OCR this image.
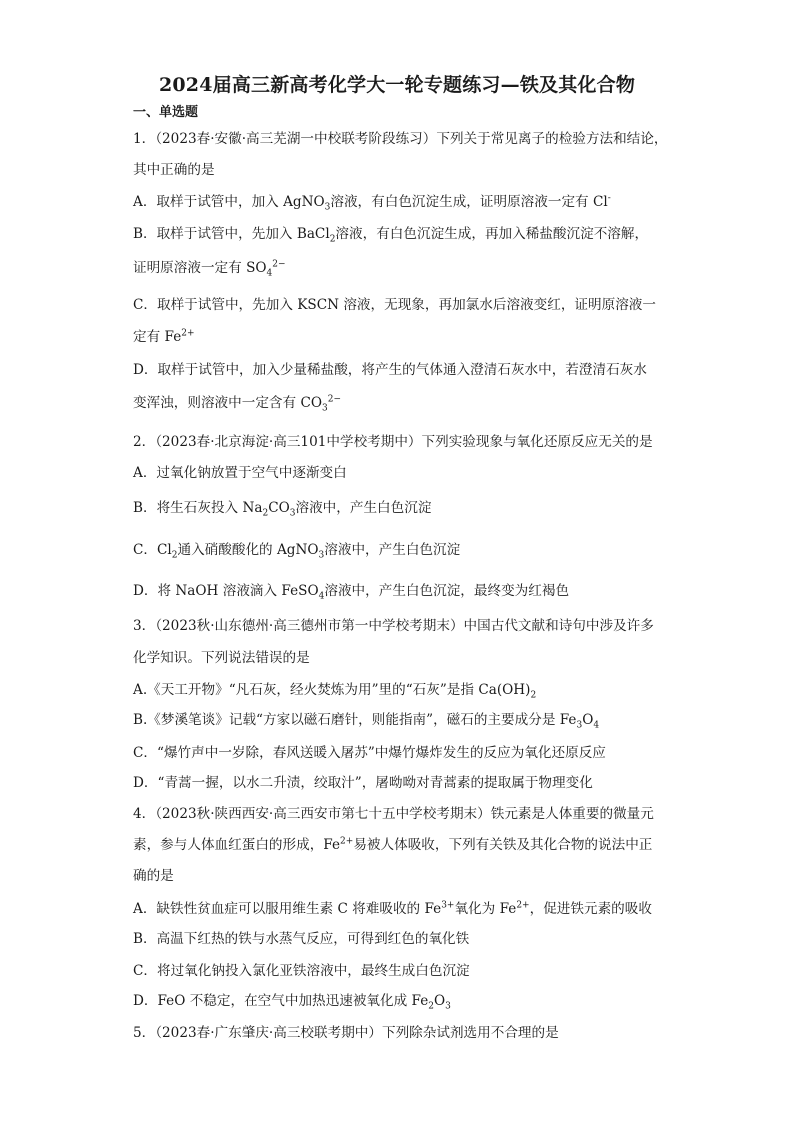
2024届高三新高考化学大一轮专题练习—铁及其化合物
一、单选题
1．（2023春·安徽·高三芜湖一中校联考阶段练习）下列关于常见离子的检验方法和结论，
其中正确的是
A．取样于试管中，加入 AgNO$_3$溶液，有白色沉淀生成，证明原溶液一定有 Cl-
B．取样于试管中，先加入 BaCl$_2$溶液，有白色沉淀生成，再加入稀盐酸沉淀不溶解，
证明原溶液一定有 $SO_4^{2-}$
C．取样于试管中，先加入 KSCN 溶液，无现象，再加氯水后溶液变红，证明原溶液一
定有 $Fe^{2+}$
D．取样于试管中，加入少量稀盐酸，将产生的气体通入澄清石灰水中，若澄清石灰水
变浑浊，则溶液中一定含有 $CO_3^{2-}$
2．（2023春·北京海淀·高三101中学校考期中）下列实验现象与氧化还原反应无关的是
A．过氧化钠放置于空气中逐渐变白
B．将生石灰投入 $Na_2CO_3$溶液中，产生白色沉淀
C．$Cl_2$通入硝酸酸化的 AgNO$_3$溶液中，产生白色沉淀
D．将 NaOH 溶液滴入 FeSO$_4$溶液中，产生白色沉淀，最终变为红褐色
3．（2023秋·山东德州·高三德州市第一中学校考期末）中国古代文献和诗句中涉及许多
化学知识。下列说法错误的是
A.《天工开物》“凡石灰，经火焚炼为用”里的“石灰”是指 $Ca(OH)_2$
B.《梦溪笔谈》记载“方家以磁石磨针，则能指南”，磁石的主要成分是 $Fe_3O_4$
C．“爆竹声中一岁除，春风送暖入屠苏”中爆竹爆炸发生的反应为氧化还原反应
D．“青蒿一握，以水二升渍，绞取汁”，屠呦呦对青蒿素的提取属于物理变化
4．（2023秋·陕西西安·高三西安市第七十五中学校考期末）铁元素是人体重要的微量元
素，参与人体血红蛋白的形成，$Fe^{2+}$易被人体吸收，下列有关铁及其化合物的说法中正
确的是
A．缺铁性贫血症可以服用维生素 C 将难吸收的 $Fe^{3+}$氧化为 $Fe^{2+}$，促进铁元素的吸收
B．高温下红热的铁与水蒸气反应，可得到红色的氧化铁
C．将过氧化钠投入氯化亚铁溶液中，最终生成白色沉淀
D．FeO 不稳定，在空气中加热迅速被氧化成 $Fe_2O_3$
5．（2023春·广东肇庆·高三校联考期中）下列除杂试剂选用不合理的是
